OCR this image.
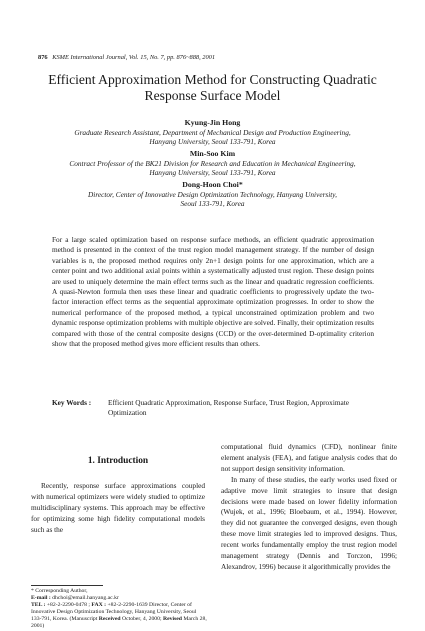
876 KSME International Journal, Vol. 15, No. 7, pp. 876~888, 2001
Efficient Approximation Method for Constructing Quadratic
Response Surface Model
Kyung-Jin Hong
Graduate Research Assistant, Department of Mechanical Design and Production Engineering,
Hanyang University, Seoul 133-791, Korea
Min-Soo Kim
Contract Professor of the BK21 Division for Research and Education in Mechanical Engineering,
Hanyang University, Seoul 133-791, Korea
Dong-Hoon Choi*
Director, Center of Innovative Design Optimization Technology, Hanyang University,
Seoul 133-791, Korea
For a large scaled optimization based on response surface methods, an efficient quadratic approximation method is presented in the context of the trust region model management strategy. If the number of design variables is n, the proposed method requires only 2n+1 design points for one approximation, which are a center point and two additional axial points within a systematically adjusted trust region. These design points are used to uniquely determine the main effect terms such as the linear and quadratic regression coefficients. A quasi-Newton formula then uses these linear and quadratic coefficients to progressively update the two-factor interaction effect terms as the sequential approximate optimization progresses. In order to show the numerical performance of the proposed method, a typical unconstrained optimization problem and two dynamic response optimization problems with multiple objective are solved. Finally, their optimization results compared with those of the central composite designs (CCD) or the over-determined D-optimality criterion show that the proposed method gives more efficient results than others.
Key Words : Efficient Quadratic Approximation, Response Surface, Trust Region, Approximate Optimization
1. Introduction

Recently, response surface approximations coupled with numerical optimizers were widely studied to optimize multidisciplinary systems. This approach may be effective for optimizing some high fidelity computational models such as the

computational fluid dynamics (CFD), nonlinear finite element analysis (FEA), and fatigue analysis codes that do not support design sensitivity information.

In many of these studies, the early works used fixed or adaptive move limit strategies to insure that design decisions were made based on lower fidelity information (Wujek, et al., 1996; Bloebaum, et al., 1994). However, they did not guarantee the converged designs, even though these move limit strategies led to improved designs. Thus, recent works fundamentally employ the trust region model management strategy (Dennis and Torczon, 1996; Alexandrov, 1996) because it algorithmically provides the

* Corresponding Author,
E-mail : dhchoi@email.hanyang.ac.kr
TEL : +82-2-2290-0478 ; FAX : +82-2-2290-1639 Director, Center of Innovative Design Optimization Technology, Hanyang University, Seoul 133-791, Korea. (Manuscript Received October, 4, 2000; Revised March 28, 2001)
